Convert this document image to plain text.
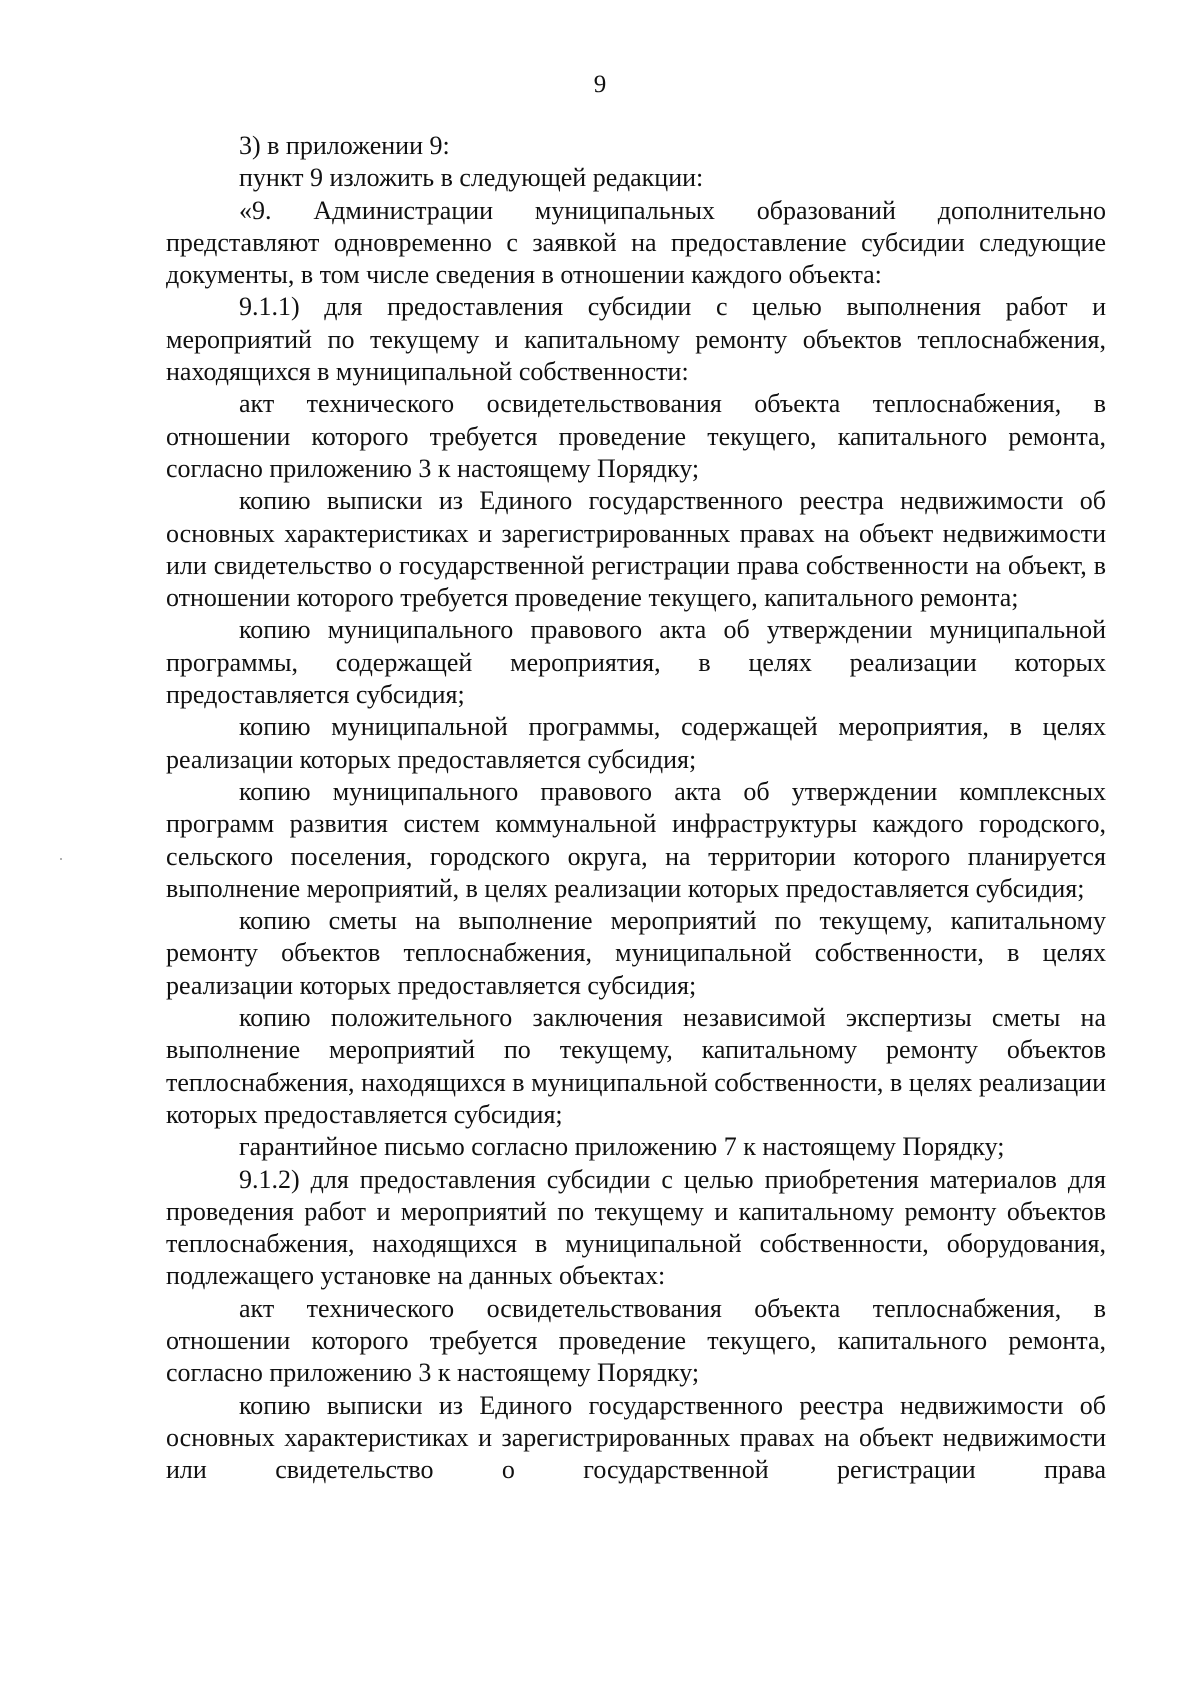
9

3) в приложении 9:

пункт 9 изложить в следующей редакции:

«9. Администрации муниципальных образований дополнительно представляют одновременно с заявкой на предоставление субсидии следующие документы, в том числе сведения в отношении каждого объекта:

9.1.1) для предоставления субсидии с целью выполнения работ и мероприятий по текущему и капитальному ремонту объектов теплоснабжения, находящихся в муниципальной собственности:

акт технического освидетельствования объекта теплоснабжения, в отношении которого требуется проведение текущего, капитального ремонта, согласно приложению 3 к настоящему Порядку;

копию выписки из Единого государственного реестра недвижимости об основных характеристиках и зарегистрированных правах на объект недвижимости или свидетельство о государственной регистрации права собственности на объект, в отношении которого требуется проведение текущего, капитального ремонта;

копию муниципального правового акта об утверждении муниципальной программы, содержащей мероприятия, в целях реализации которых предоставляется субсидия;

копию муниципальной программы, содержащей мероприятия, в целях реализации которых предоставляется субсидия;

копию муниципального правового акта об утверждении комплексных программ развития систем коммунальной инфраструктуры каждого городского, сельского поселения, городского округа, на территории которого планируется выполнение мероприятий, в целях реализации которых предоставляется субсидия;

копию сметы на выполнение мероприятий по текущему, капитальному ремонту объектов теплоснабжения, муниципальной собственности, в целях реализации которых предоставляется субсидия;

копию положительного заключения независимой экспертизы сметы на выполнение мероприятий по текущему, капитальному ремонту объектов теплоснабжения, находящихся в муниципальной собственности, в целях реализации которых предоставляется субсидия;

гарантийное письмо согласно приложению 7 к настоящему Порядку;

9.1.2) для предоставления субсидии с целью приобретения материалов для проведения работ и мероприятий по текущему и капитальному ремонту объектов теплоснабжения, находящихся в муниципальной собственности, оборудования, подлежащего установке на данных объектах:

акт технического освидетельствования объекта теплоснабжения, в отношении которого требуется проведение текущего, капитального ремонта, согласно приложению 3 к настоящему Порядку;

копию выписки из Единого государственного реестра недвижимости об основных характеристиках и зарегистрированных правах на объект недвижимости или свидетельство о государственной регистрации права
